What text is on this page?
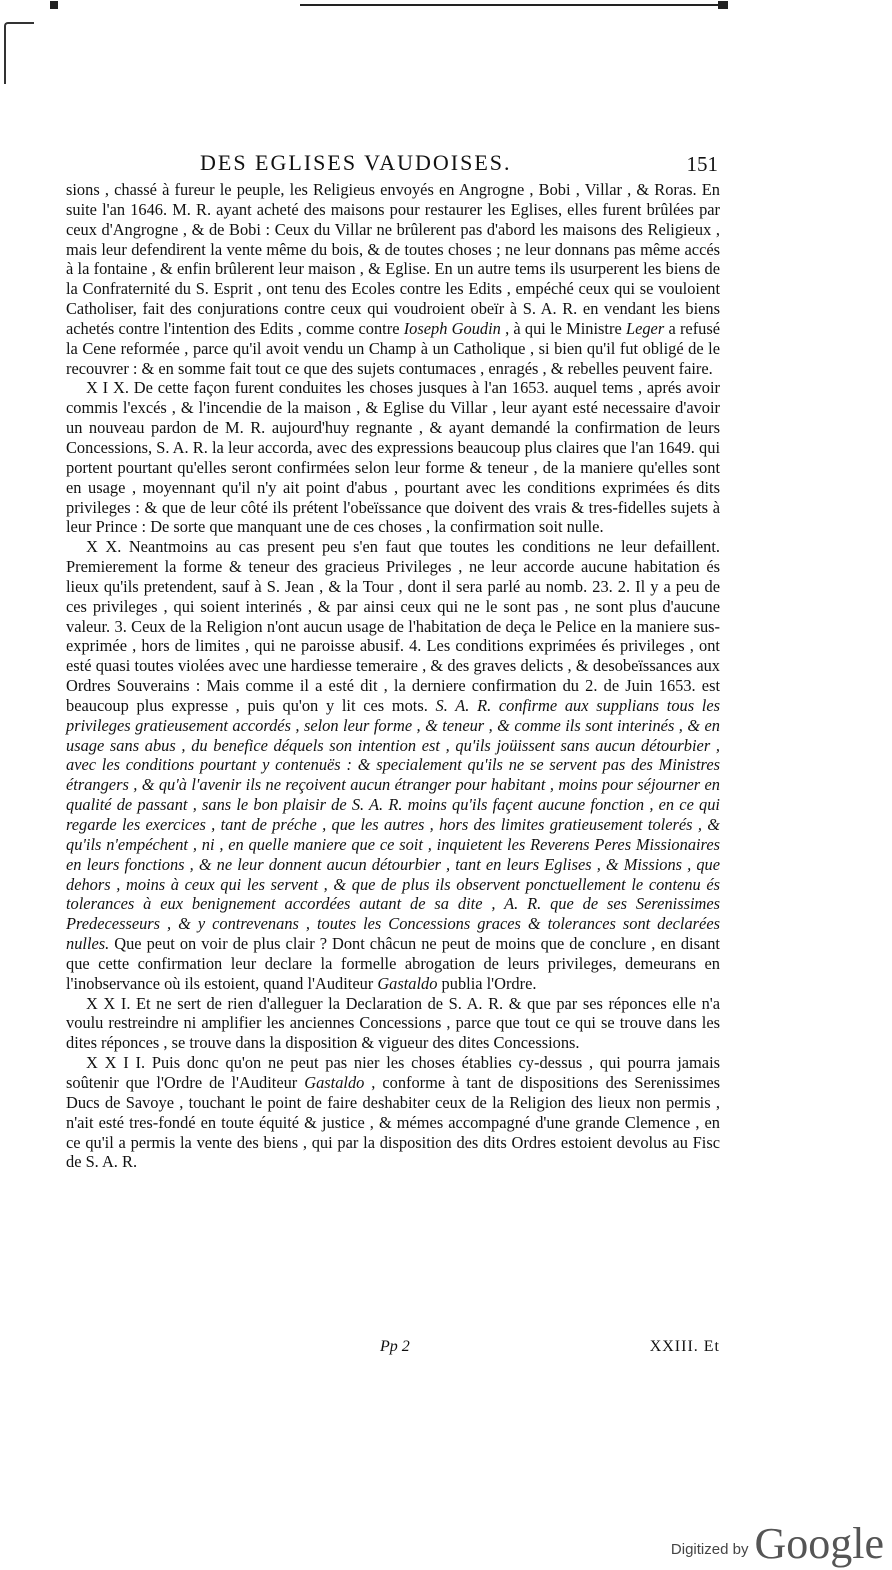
DES EGLISES VAUDOISES.	151

sions , chassé à fureur le peuple, les Religieus envoyés en Angrogne , Bobi , Villar , & Roras. En suite l'an 1646. M. R. ayant acheté des maisons pour restaurer les Eglises, elles furent brûlées par ceux d'Angrogne , & de Bobi : Ceux du Villar ne brûlerent pas d'abord les maisons des Religieux , mais leur defendirent la vente même du bois, & de toutes choses ; ne leur donnans pas même accés à la fontaine , & enfin brûlerent leur maison , & Eglise. En un autre tems ils usurperent les biens de la Confraternité du S. Esprit , ont tenu des Ecoles contre les Edits , empéché ceux qui se vouloient Catholiser, fait des conjurations contre ceux qui voudroient obeïr à S. A. R. en vendant les biens achetés contre l'intention des Edits , comme contre Ioseph Goudin , à qui le Ministre Leger a refusé la Cene reformée , parce qu'il avoit vendu un Champ à un Catholique , si bien qu'il fut obligé de le recouvrer : & en somme fait tout ce que des sujets contumaces , enragés , & rebelles peuvent faire.

X I X. De cette façon furent conduites les choses jusques à l'an 1653. auquel tems , aprés avoir commis l'excés , & l'incendie de la maison , & Eglise du Villar , leur ayant esté necessaire d'avoir un nouveau pardon de M. R. aujourd'huy regnante , & ayant demandé la confirmation de leurs Concessions, S. A. R. la leur accorda, avec des expressions beaucoup plus claires que l'an 1649. qui portent pourtant qu'elles seront confirmées selon leur forme & teneur , de la maniere qu'elles sont en usage , moyennant qu'il n'y ait point d'abus , pourtant avec les conditions exprimées és dits privileges : & que de leur côté ils prétent l'obeïssance que doivent des vrais & tres-fidelles sujets à leur Prince : De sorte que manquant une de ces choses , la confirmation soit nulle.

X X. Neantmoins au cas present peu s'en faut que toutes les conditions ne leur defaillent. Premierement la forme & teneur des gracieus Privileges , ne leur accorde aucune habitation és lieux qu'ils pretendent, sauf à S. Jean , & la Tour , dont il sera parlé au nomb. 23. 2. Il y a peu de ces privileges , qui soient interinés , & par ainsi ceux qui ne le sont pas , ne sont plus d'aucune valeur. 3. Ceux de la Religion n'ont aucun usage de l'habitation de deça le Pelice en la maniere sus-exprimée , hors de limites , qui ne paroisse abusif. 4. Les conditions exprimées és privileges , ont esté quasi toutes violées avec une hardiesse temeraire , & des graves delicts , & desobeïssances aux Ordres Souverains : Mais comme il a esté dit , la derniere confirmation du 2. de Juin 1653. est beaucoup plus expresse , puis qu'on y lit ces mots. S. A. R. confirme aux supplians tous les privileges gratieusement accordés , selon leur forme , & teneur , & comme ils sont interinés , & en usage sans abus , du benefice déquels son intention est , qu'ils joüissent sans aucun détourbier , avec les conditions pourtant y contenuës : & specialement qu'ils ne se servent pas des Ministres étrangers , & qu'à l'avenir ils ne reçoivent aucun étranger pour habitant , moins pour séjourner en qualité de passant , sans le bon plaisir de S. A. R. moins qu'ils façent aucune fonction , en ce qui regarde les exercices , tant de préche , que les autres , hors des limites gratieusement tolerés , & qu'ils n'empéchent , ni , en quelle maniere que ce soit , inquietent les Reverens Peres Missionaires en leurs fonctions , & ne leur donnent aucun détourbier , tant en leurs Eglises , & Missions , que dehors , moins à ceux qui les servent , & que de plus ils observent ponctuellement le contenu és tolerances à eux benignement accordées autant de sa dite , A. R. que de ses Serenissimes Predecesseurs , & y contrevenans , toutes les Concessions graces & tolerances sont declarées nulles. Que peut on voir de plus clair ? Dont châcun ne peut de moins que de conclure , en disant que cette confirmation leur declare la formelle abrogation de leurs privileges, demeurans en l'inobservance où ils estoient, quand l'Auditeur Gastaldo publia l'Ordre.

X X I. Et ne sert de rien d'alleguer la Declaration de S. A. R. & que par ses réponces elle n'a voulu restreindre ni amplifier les anciennes Concessions , parce que tout ce qui se trouve dans les dites réponces , se trouve dans la disposition & vigueur des dites Concessions.

X X I I. Puis donc qu'on ne peut pas nier les choses établies cy-dessus , qui pourra jamais soûtenir que l'Ordre de l'Auditeur Gastaldo , conforme à tant de dispositions des Serenissimes Ducs de Savoye , touchant le point de faire deshabiter ceux de la Religion des lieux non permis , n'ait esté tres-fondé en toute équité & justice , & mémes accompagné d'une grande Clemence , en ce qu'il a permis la vente des biens , qui par la disposition des dits Ordres estoient devolus au Fisc de S. A. R.

Pp 2	XXIII. Et
Digitized by Google
